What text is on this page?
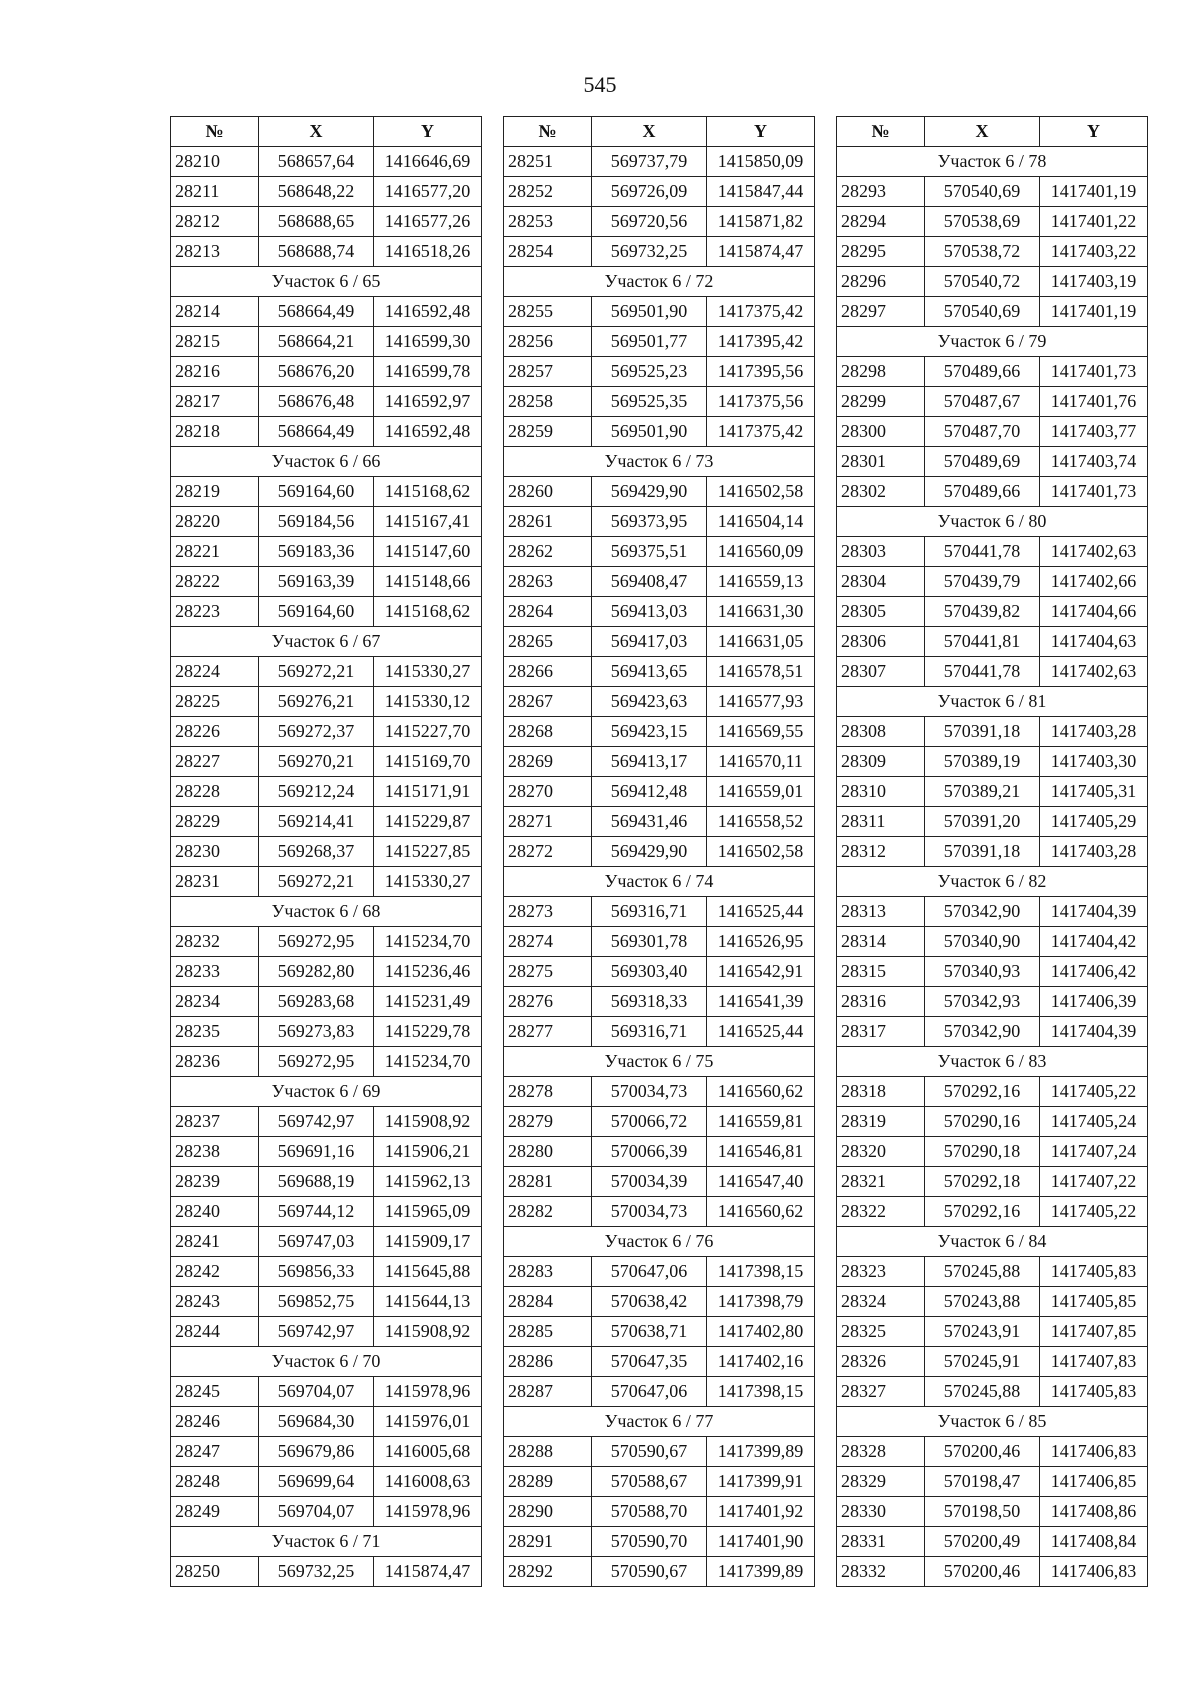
545
№	X	Y
28210	568657,64	1416646,69
28211	568648,22	1416577,20
28212	568688,65	1416577,26
28213	568688,74	1416518,26
Участок 6 / 65		
28214	568664,49	1416592,48
28215	568664,21	1416599,30
28216	568676,20	1416599,78
28217	568676,48	1416592,97
28218	568664,49	1416592,48
Участок 6 / 66		
28219	569164,60	1415168,62
28220	569184,56	1415167,41
28221	569183,36	1415147,60
28222	569163,39	1415148,66
28223	569164,60	1415168,62
Участок 6 / 67		
28224	569272,21	1415330,27
28225	569276,21	1415330,12
28226	569272,37	1415227,70
28227	569270,21	1415169,70
28228	569212,24	1415171,91
28229	569214,41	1415229,87
28230	569268,37	1415227,85
28231	569272,21	1415330,27
Участок 6 / 68		
28232	569272,95	1415234,70
28233	569282,80	1415236,46
28234	569283,68	1415231,49
28235	569273,83	1415229,78
28236	569272,95	1415234,70
Участок 6 / 69		
28237	569742,97	1415908,92
28238	569691,16	1415906,21
28239	569688,19	1415962,13
28240	569744,12	1415965,09
28241	569747,03	1415909,17
28242	569856,33	1415645,88
28243	569852,75	1415644,13
28244	569742,97	1415908,92
Участок 6 / 70		
28245	569704,07	1415978,96
28246	569684,30	1415976,01
28247	569679,86	1416005,68
28248	569699,64	1416008,63
28249	569704,07	1415978,96
Участок 6 / 71		
28250	569732,25	1415874,47
№	X	Y
28251	569737,79	1415850,09
28252	569726,09	1415847,44
28253	569720,56	1415871,82
28254	569732,25	1415874,47
Участок 6 / 72		
28255	569501,90	1417375,42
28256	569501,77	1417395,42
28257	569525,23	1417395,56
28258	569525,35	1417375,56
28259	569501,90	1417375,42
Участок 6 / 73		
28260	569429,90	1416502,58
28261	569373,95	1416504,14
28262	569375,51	1416560,09
28263	569408,47	1416559,13
28264	569413,03	1416631,30
28265	569417,03	1416631,05
28266	569413,65	1416578,51
28267	569423,63	1416577,93
28268	569423,15	1416569,55
28269	569413,17	1416570,11
28270	569412,48	1416559,01
28271	569431,46	1416558,52
28272	569429,90	1416502,58
Участок 6 / 74		
28273	569316,71	1416525,44
28274	569301,78	1416526,95
28275	569303,40	1416542,91
28276	569318,33	1416541,39
28277	569316,71	1416525,44
Участок 6 / 75		
28278	570034,73	1416560,62
28279	570066,72	1416559,81
28280	570066,39	1416546,81
28281	570034,39	1416547,40
28282	570034,73	1416560,62
Участок 6 / 76		
28283	570647,06	1417398,15
28284	570638,42	1417398,79
28285	570638,71	1417402,80
28286	570647,35	1417402,16
28287	570647,06	1417398,15
Участок 6 / 77		
28288	570590,67	1417399,89
28289	570588,67	1417399,91
28290	570588,70	1417401,92
28291	570590,70	1417401,90
28292	570590,67	1417399,89
№	X	Y
Участок 6 / 78		
28293	570540,69	1417401,19
28294	570538,69	1417401,22
28295	570538,72	1417403,22
28296	570540,72	1417403,19
28297	570540,69	1417401,19
Участок 6 / 79		
28298	570489,66	1417401,73
28299	570487,67	1417401,76
28300	570487,70	1417403,77
28301	570489,69	1417403,74
28302	570489,66	1417401,73
Участок 6 / 80		
28303	570441,78	1417402,63
28304	570439,79	1417402,66
28305	570439,82	1417404,66
28306	570441,81	1417404,63
28307	570441,78	1417402,63
Участок 6 / 81		
28308	570391,18	1417403,28
28309	570389,19	1417403,30
28310	570389,21	1417405,31
28311	570391,20	1417405,29
28312	570391,18	1417403,28
Участок 6 / 82		
28313	570342,90	1417404,39
28314	570340,90	1417404,42
28315	570340,93	1417406,42
28316	570342,93	1417406,39
28317	570342,90	1417404,39
Участок 6 / 83		
28318	570292,16	1417405,22
28319	570290,16	1417405,24
28320	570290,18	1417407,24
28321	570292,18	1417407,22
28322	570292,16	1417405,22
Участок 6 / 84		
28323	570245,88	1417405,83
28324	570243,88	1417405,85
28325	570243,91	1417407,85
28326	570245,91	1417407,83
28327	570245,88	1417405,83
Участок 6 / 85		
28328	570200,46	1417406,83
28329	570198,47	1417406,85
28330	570198,50	1417408,86
28331	570200,49	1417408,84
28332	570200,46	1417406,83
